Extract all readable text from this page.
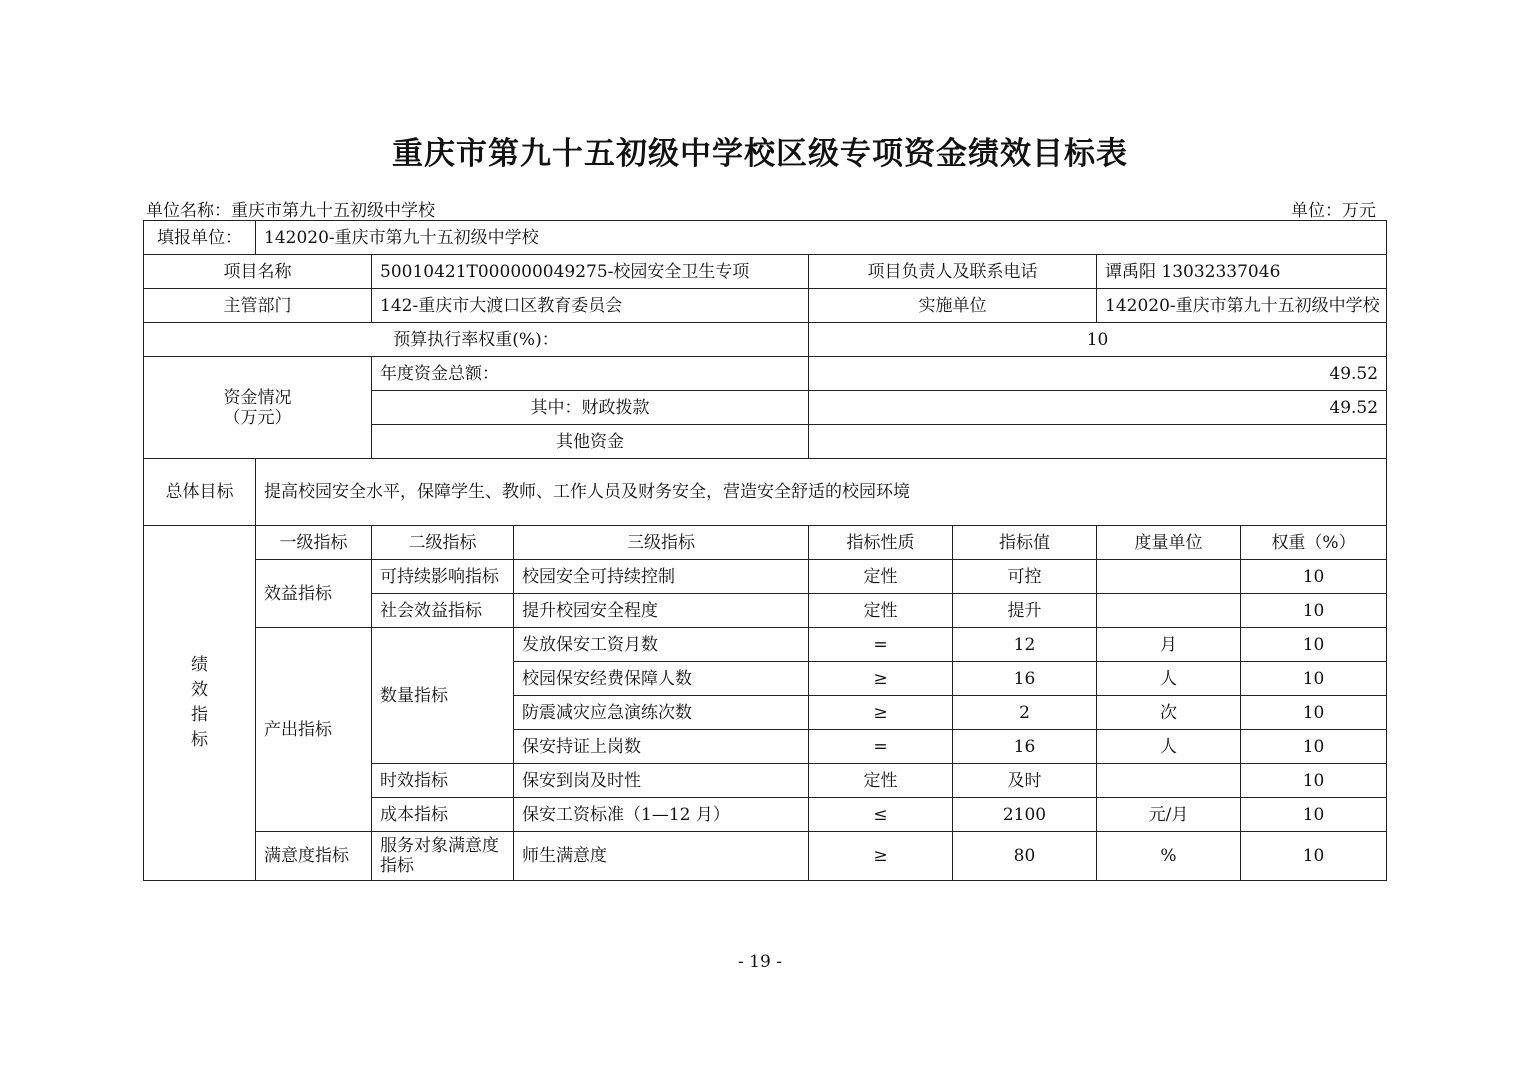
重庆市第九十五初级中学校区级专项资金绩效目标表
单位名称：重庆市第九十五初级中学校	单位：万元
填报单位：	142020-重庆市第九十五初级中学校						
项目名称		50010421T000000049275-校园安全卫生专项		项目负责人及联系电话		谭禹阳 13032337046	
主管部门		142-重庆市大渡口区教育委员会		实施单位		142020-重庆市第九十五初级中学校	
预算执行率权重(%)：				10			

资金情况
（万元）		年度资金总额：		49.52			
		其中：财政拨款		49.52			
		其他资金					
总体目标	提高校园安全水平，保障学生、教师、工作人员及财务安全，营造安全舒适的校园环境						

绩
效
指
标	一级指标	二级指标	三级指标	指标性质	指标值	度量单位	权重（%）
	效益指标	可持续影响指标	校园安全可持续控制	定性	可控		10
		社会效益指标	提升校园安全程度	定性	提升		10
	产出指标	数量指标	发放保安工资月数	=	12	月	10
			校园保安经费保障人数	≥	16	人	10
			防震减灾应急演练次数	≥	2	次	10
			保安持证上岗数	=	16	人	10
		时效指标	保安到岗及时性	定性	及时		10
		成本指标	保安工资标准（1—12 月）	≤	2100	元/月	10
	满意度指标	服务对象满意度指标	师生满意度	≥	80	%	10
- 19 -
